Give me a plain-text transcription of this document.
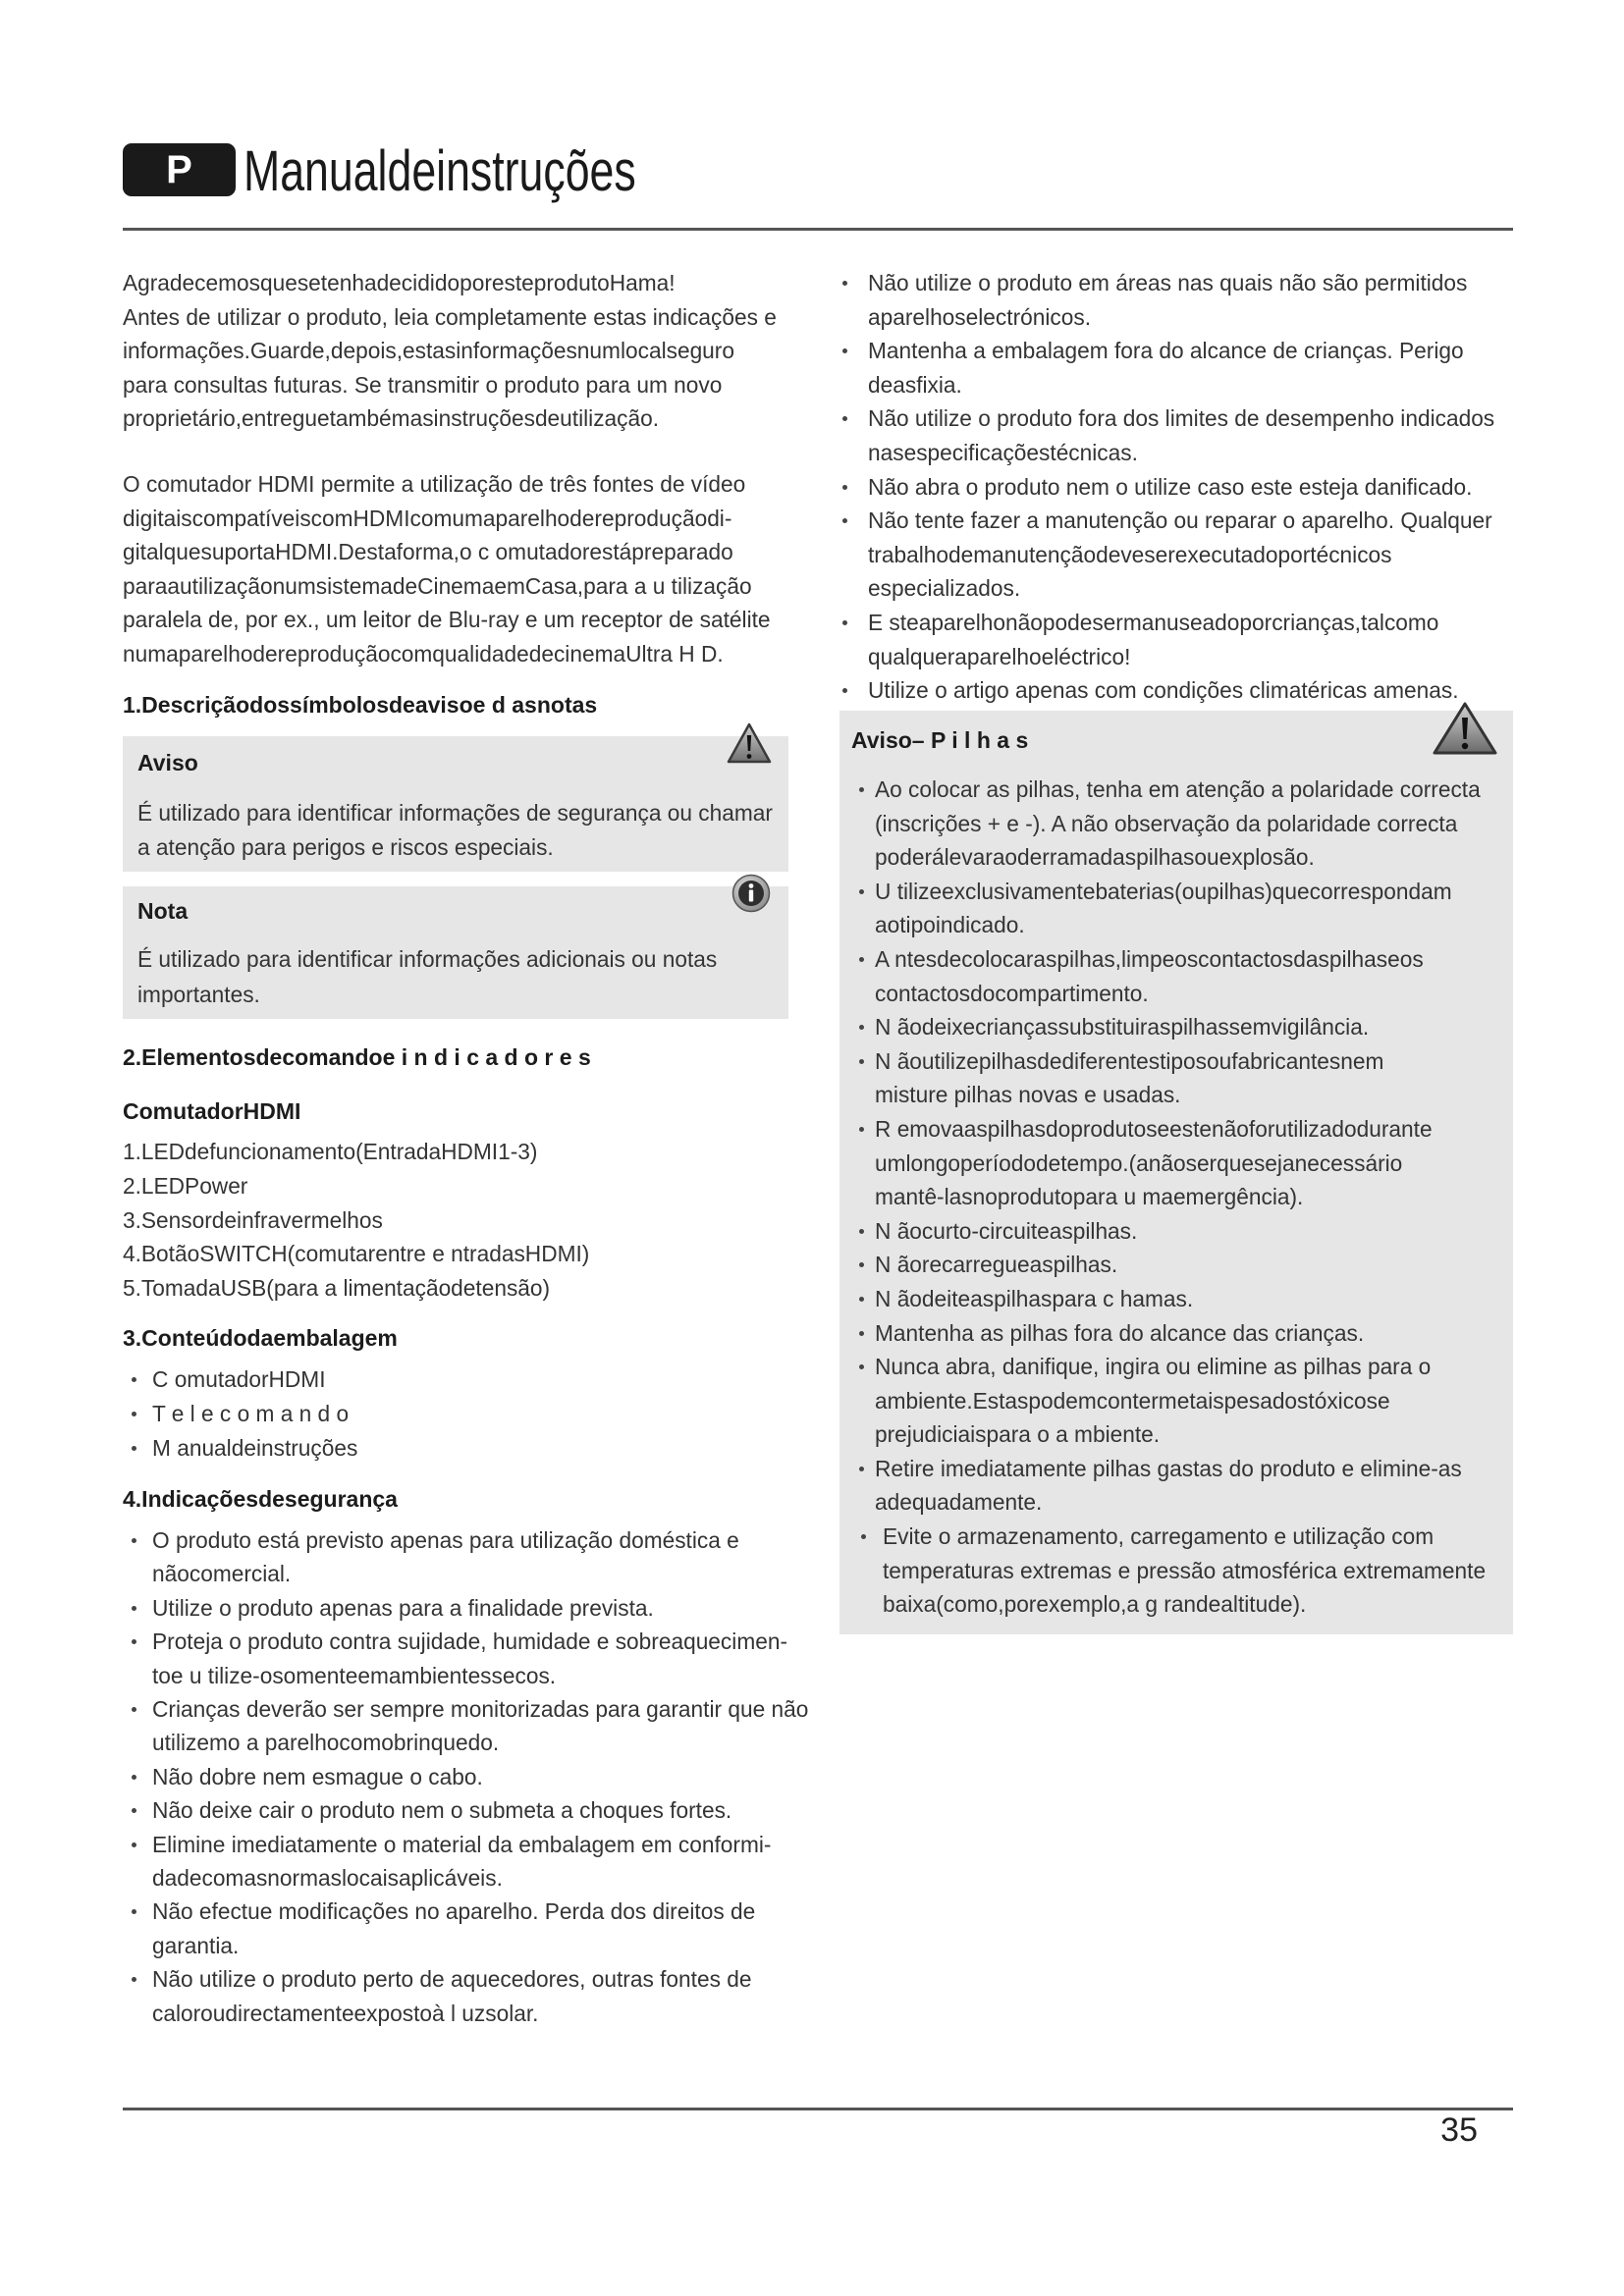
P Manualdeinstruções

AgradecemosquesetenhadecididoporesteprodutoHama!
Antes de utilizar o produto, leia completamente estas indicações e
informações.Guarde,depois,estasinformaçõesnumlocalseguro
para consultas futuras. Se transmitir o produto para um novo
proprietário,entreguetambémasinstruçõesdeutilização.

O comutador HDMI permite a utilização de três fontes de vídeo
digitaiscompatíveiscomHDMIcomumaparelhodereproduçãodi-
gitalquesuportaHDMI.Destaforma,o c omutadorestápreparado
paraautilizaçãonumsistemadeCinemaemCasa,para a u tilização
paralela de, por ex., um leitor de Blu-ray e um receptor de satélite
numaparelhodereproduçãocomqualidadedecinemaUltra H D.

1.Descriçãodossímbolosdeavisoe d asnotas
Aviso

É utilizado para identificar informações de segurança ou chamar
a atenção para perigos e riscos especiais.

Nota

É utilizado para identificar informações adicionais ou notas
importantes.

2.Elementosdecomandoe i n d i c a d o r e s
ComutadorHDMI
1.LEDdefuncionamento(EntradaHDMI1-3)
2.LEDPower
3.Sensordeinfravermelhos
4.BotãoSWITCH(comutarentre e ntradasHDMI)
5.TomadaUSB(para a limentaçãodetensão)
3.Conteúdodaembalagem
C omutadorHDMI
T e l e c o m a n d o
M anualdeinstruções
4.Indicaçõesdesegurança
O produto está previsto apenas para utilização doméstica e
nãocomercial.
Utilize o produto apenas para a finalidade prevista.
Proteja o produto contra sujidade, humidade e sobreaquecimen-
toe u tilize-osomenteemambientessecos.
Crianças deverão ser sempre monitorizadas para garantir que não
utilizemo a parelhocomobrinquedo.
Não dobre nem esmague o cabo.
Não deixe cair o produto nem o submeta a choques fortes.
Elimine imediatamente o material da embalagem em conformi-
dadecomasnormaslocaisaplicáveis.
Não efectue modificações no aparelho. Perda dos direitos de
garantia.
Não utilize o produto perto de aquecedores, outras fontes de
caloroudirectamenteexpostoà l uzsolar.
Não utilize o produto em áreas nas quais não são permitidos
aparelhoselectrónicos.
Mantenha a embalagem fora do alcance de crianças. Perigo
deasfixia.
Não utilize o produto fora dos limites de desempenho indicados
nasespecificaçõestécnicas.
Não abra o produto nem o utilize caso este esteja danificado.
Não tente fazer a manutenção ou reparar o aparelho. Qualquer
trabalhodemanutençãodeveserexecutadoportécnicos
especializados.
E steaparelhonãopodesermanuseadoporcrianças,talcomo
qualqueraparelhoeléctrico!
Utilize o artigo apenas com condições climatéricas amenas.
Aviso– P i l h a s
Ao colocar as pilhas, tenha em atenção a polaridade correcta
(inscrições + e -). A não observação da polaridade correcta
poderálevaraoderramadaspilhasouexplosão.
U tilizeexclusivamentebaterias(oupilhas)quecorrespondam
aotipoindicado.
A ntesdecolocaraspilhas,limpeoscontactosdaspilhaseos
contactosdocompartimento.
N ãodeixecriançassubstituiraspilhassemvigilância.
N ãoutilizepilhasdediferentestiposoufabricantesnem
misture pilhas novas e usadas.
R emovaaspilhasdoprodutoseestenãoforutilizadodurante
umlongoperíododetempo.(anãoserquesejanecessário
mantê-lasnoprodutopara u maemergência).
N ãocurto-circuiteaspilhas.
N ãorecarregueaspilhas.
N ãodeiteaspilhaspara c hamas.
Mantenha as pilhas fora do alcance das crianças.
Nunca abra, danifique, ingira ou elimine as pilhas para o
ambiente.Estaspodemcontermetaispesadostóxicose
prejudiciaispara o a mbiente.
Retire imediatamente pilhas gastas do produto e elimine-as
adequadamente.
Evite o armazenamento, carregamento e utilização com
temperaturas extremas e pressão atmosférica extremamente
baixa(como,porexemplo,a g randealtitude).
35
